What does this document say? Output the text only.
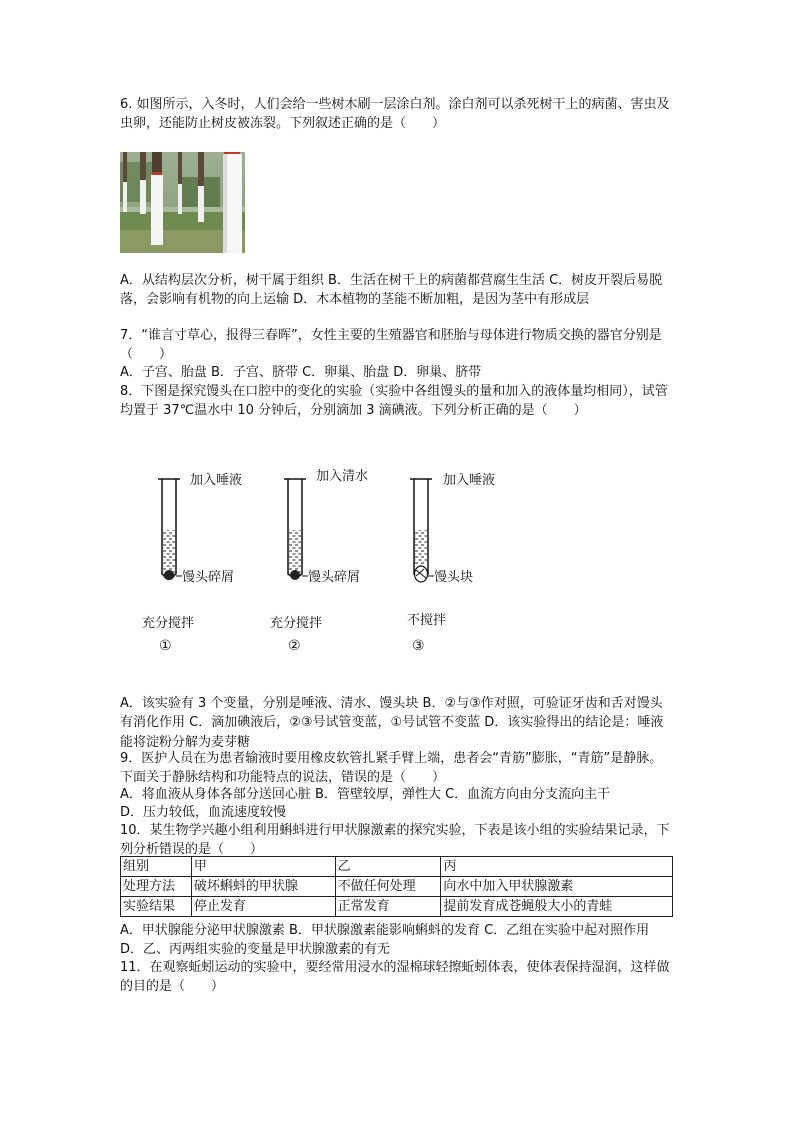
6. 如图所示，入冬时，人们会给一些树木刷一层涂白剂。涂白剂可以杀死树干上的病菌、害虫及虫卵，还能防止树皮被冻裂。下列叙述正确的是（　　）
A．从结构层次分析，树干属于组织 B．生活在树干上的病菌都营腐生生活 C．树皮开裂后易脱落，会影响有机物的向上运输 D．木本植物的茎能不断加粗，是因为茎中有形成层
7．“谁言寸草心，报得三春晖”，女性主要的生殖器官和胚胎与母体进行物质交换的器官分别是（　　）
A．子宫、胎盘 B．子宫、脐带 C．卵巢、胎盘 D．卵巢、脐带
8．下图是探究馒头在口腔中的变化的实验（实验中各组馒头的量和加入的液体量均相同），试管均置于 37℃温水中 10 分钟后，分别滴加 3 滴碘液。下列分析正确的是（　　）
加入唾液
馒头碎屑
充分搅拌
①
加入清水
馒头碎屑
充分搅拌
②
加入唾液
馒头块
不搅拌
③
A．该实验有 3 个变量，分别是唾液、清水、馒头块 B．②与③作对照，可验证牙齿和舌对馒头有消化作用 C．滴加碘液后，②③号试管变蓝，①号试管不变蓝 D．该实验得出的结论是：唾液能将淀粉分解为麦芽糖
9．医护人员在为患者输液时要用橡皮软管扎紧手臂上端，患者会“青筋”膨胀，“青筋”是静脉。下面关于静脉结构和功能特点的说法，错误的是（　　）
A．将血液从身体各部分送回心脏 B．管壁较厚，弹性大 C．血流方向由分支流向主干
D．压力较低，血流速度较慢
10．某生物学兴趣小组利用蝌蚪进行甲状腺激素的探究实验，下表是该小组的实验结果记录，下列分析错误的是（　　）
组别	甲	乙	丙
处理方法	破坏蝌蚪的甲状腺	不做任何处理	向水中加入甲状腺激素
实验结果	停止发育	正常发育	提前发育成苍蝇般大小的青蛙
A．甲状腺能分泌甲状腺激素 B．甲状腺激素能影响蝌蚪的发育 C．乙组在实验中起对照作用 D．乙、丙两组实验的变量是甲状腺激素的有无
11．在观察蚯蚓运动的实验中，要经常用浸水的湿棉球轻擦蚯蚓体表，使体表保持湿润，这样做的目的是（　　）
